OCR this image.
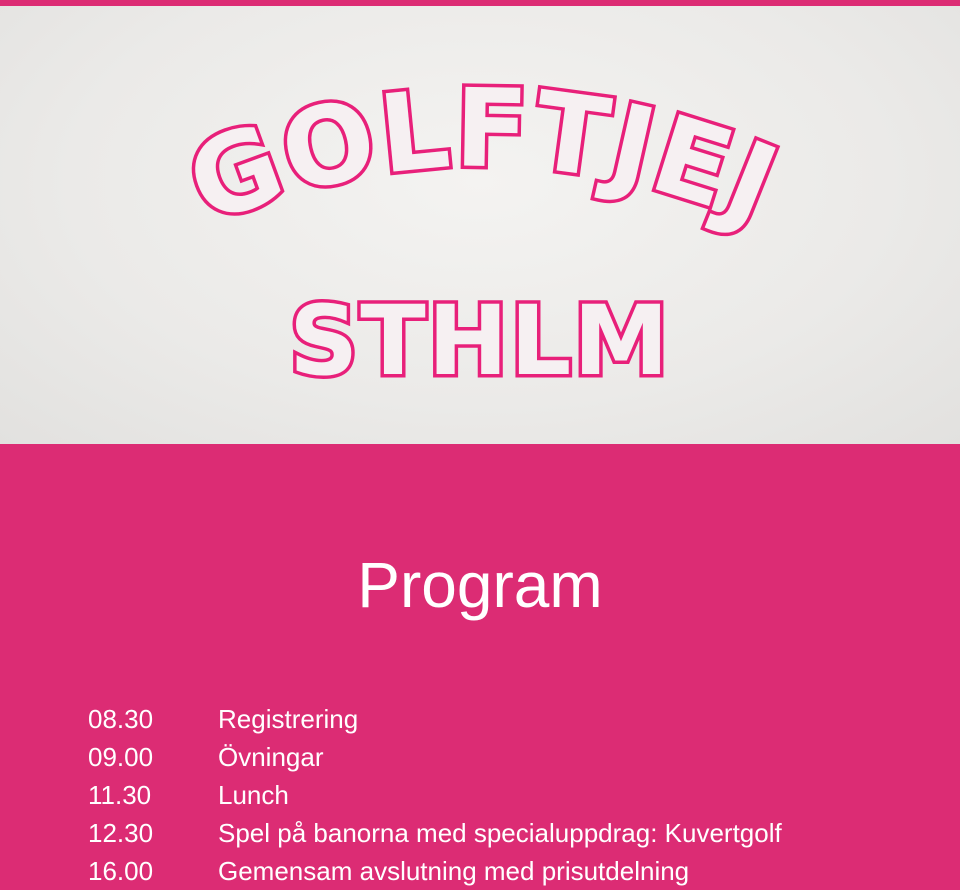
GOLFTJEJ
STHLM
Program
08.30	Registrering
09.00	Övningar
11.30	Lunch
12.30	Spel på banorna med specialuppdrag: Kuvertgolf
16.00	Gemensam avslutning med prisutdelning
